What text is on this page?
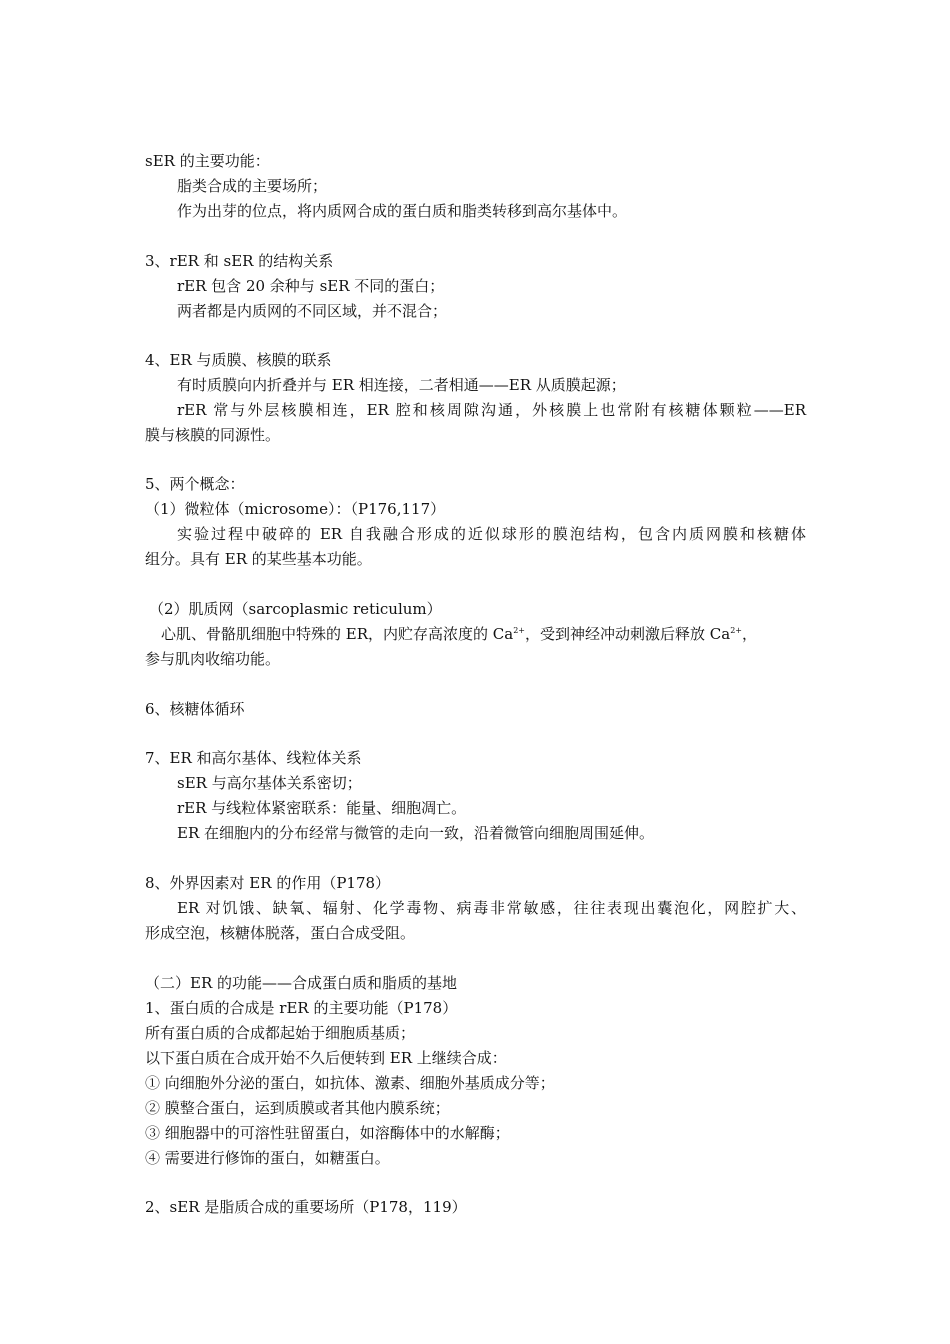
sER 的主要功能：
脂类合成的主要场所；
作为出芽的位点，将内质网合成的蛋白质和脂类转移到高尔基体中。
3、rER 和 sER 的结构关系
rER 包含 20 余种与 sER 不同的蛋白；
两者都是内质网的不同区域，并不混合；
4、ER 与质膜、核膜的联系
有时质膜向内折叠并与 ER 相连接，二者相通——ER 从质膜起源；
rER 常与外层核膜相连，ER 腔和核周隙沟通，外核膜上也常附有核糖体颗粒——ER
膜与核膜的同源性。
5、两个概念：
（1）微粒体（microsome）：（P176,117）
实验过程中破碎的 ER 自我融合形成的近似球形的膜泡结构，包含内质网膜和核糖体
组分。具有 ER 的某些基本功能。
（2）肌质网（sarcoplasmic reticulum）
心肌、骨骼肌细胞中特殊的 ER，内贮存高浓度的 $Ca^{2+}$，受到神经冲动刺激后释放 $Ca^{2+}$，
参与肌肉收缩功能。
6、核糖体循环
7、ER 和高尔基体、线粒体关系
sER 与高尔基体关系密切；
rER 与线粒体紧密联系：能量、细胞凋亡。
ER 在细胞内的分布经常与微管的走向一致，沿着微管向细胞周围延伸。
8、外界因素对 ER 的作用（P178）
ER 对饥饿、缺氧、辐射、化学毒物、病毒非常敏感，往往表现出囊泡化，网腔扩大、
形成空泡，核糖体脱落，蛋白合成受阻。
（二）ER 的功能——合成蛋白质和脂质的基地
1、蛋白质的合成是 rER 的主要功能（P178）
所有蛋白质的合成都起始于细胞质基质；
以下蛋白质在合成开始不久后便转到 ER 上继续合成：
① 向细胞外分泌的蛋白，如抗体、激素、细胞外基质成分等；
② 膜整合蛋白，运到质膜或者其他内膜系统；
③ 细胞器中的可溶性驻留蛋白，如溶酶体中的水解酶；
④ 需要进行修饰的蛋白，如糖蛋白。
2、sER 是脂质合成的重要场所（P178，119）
